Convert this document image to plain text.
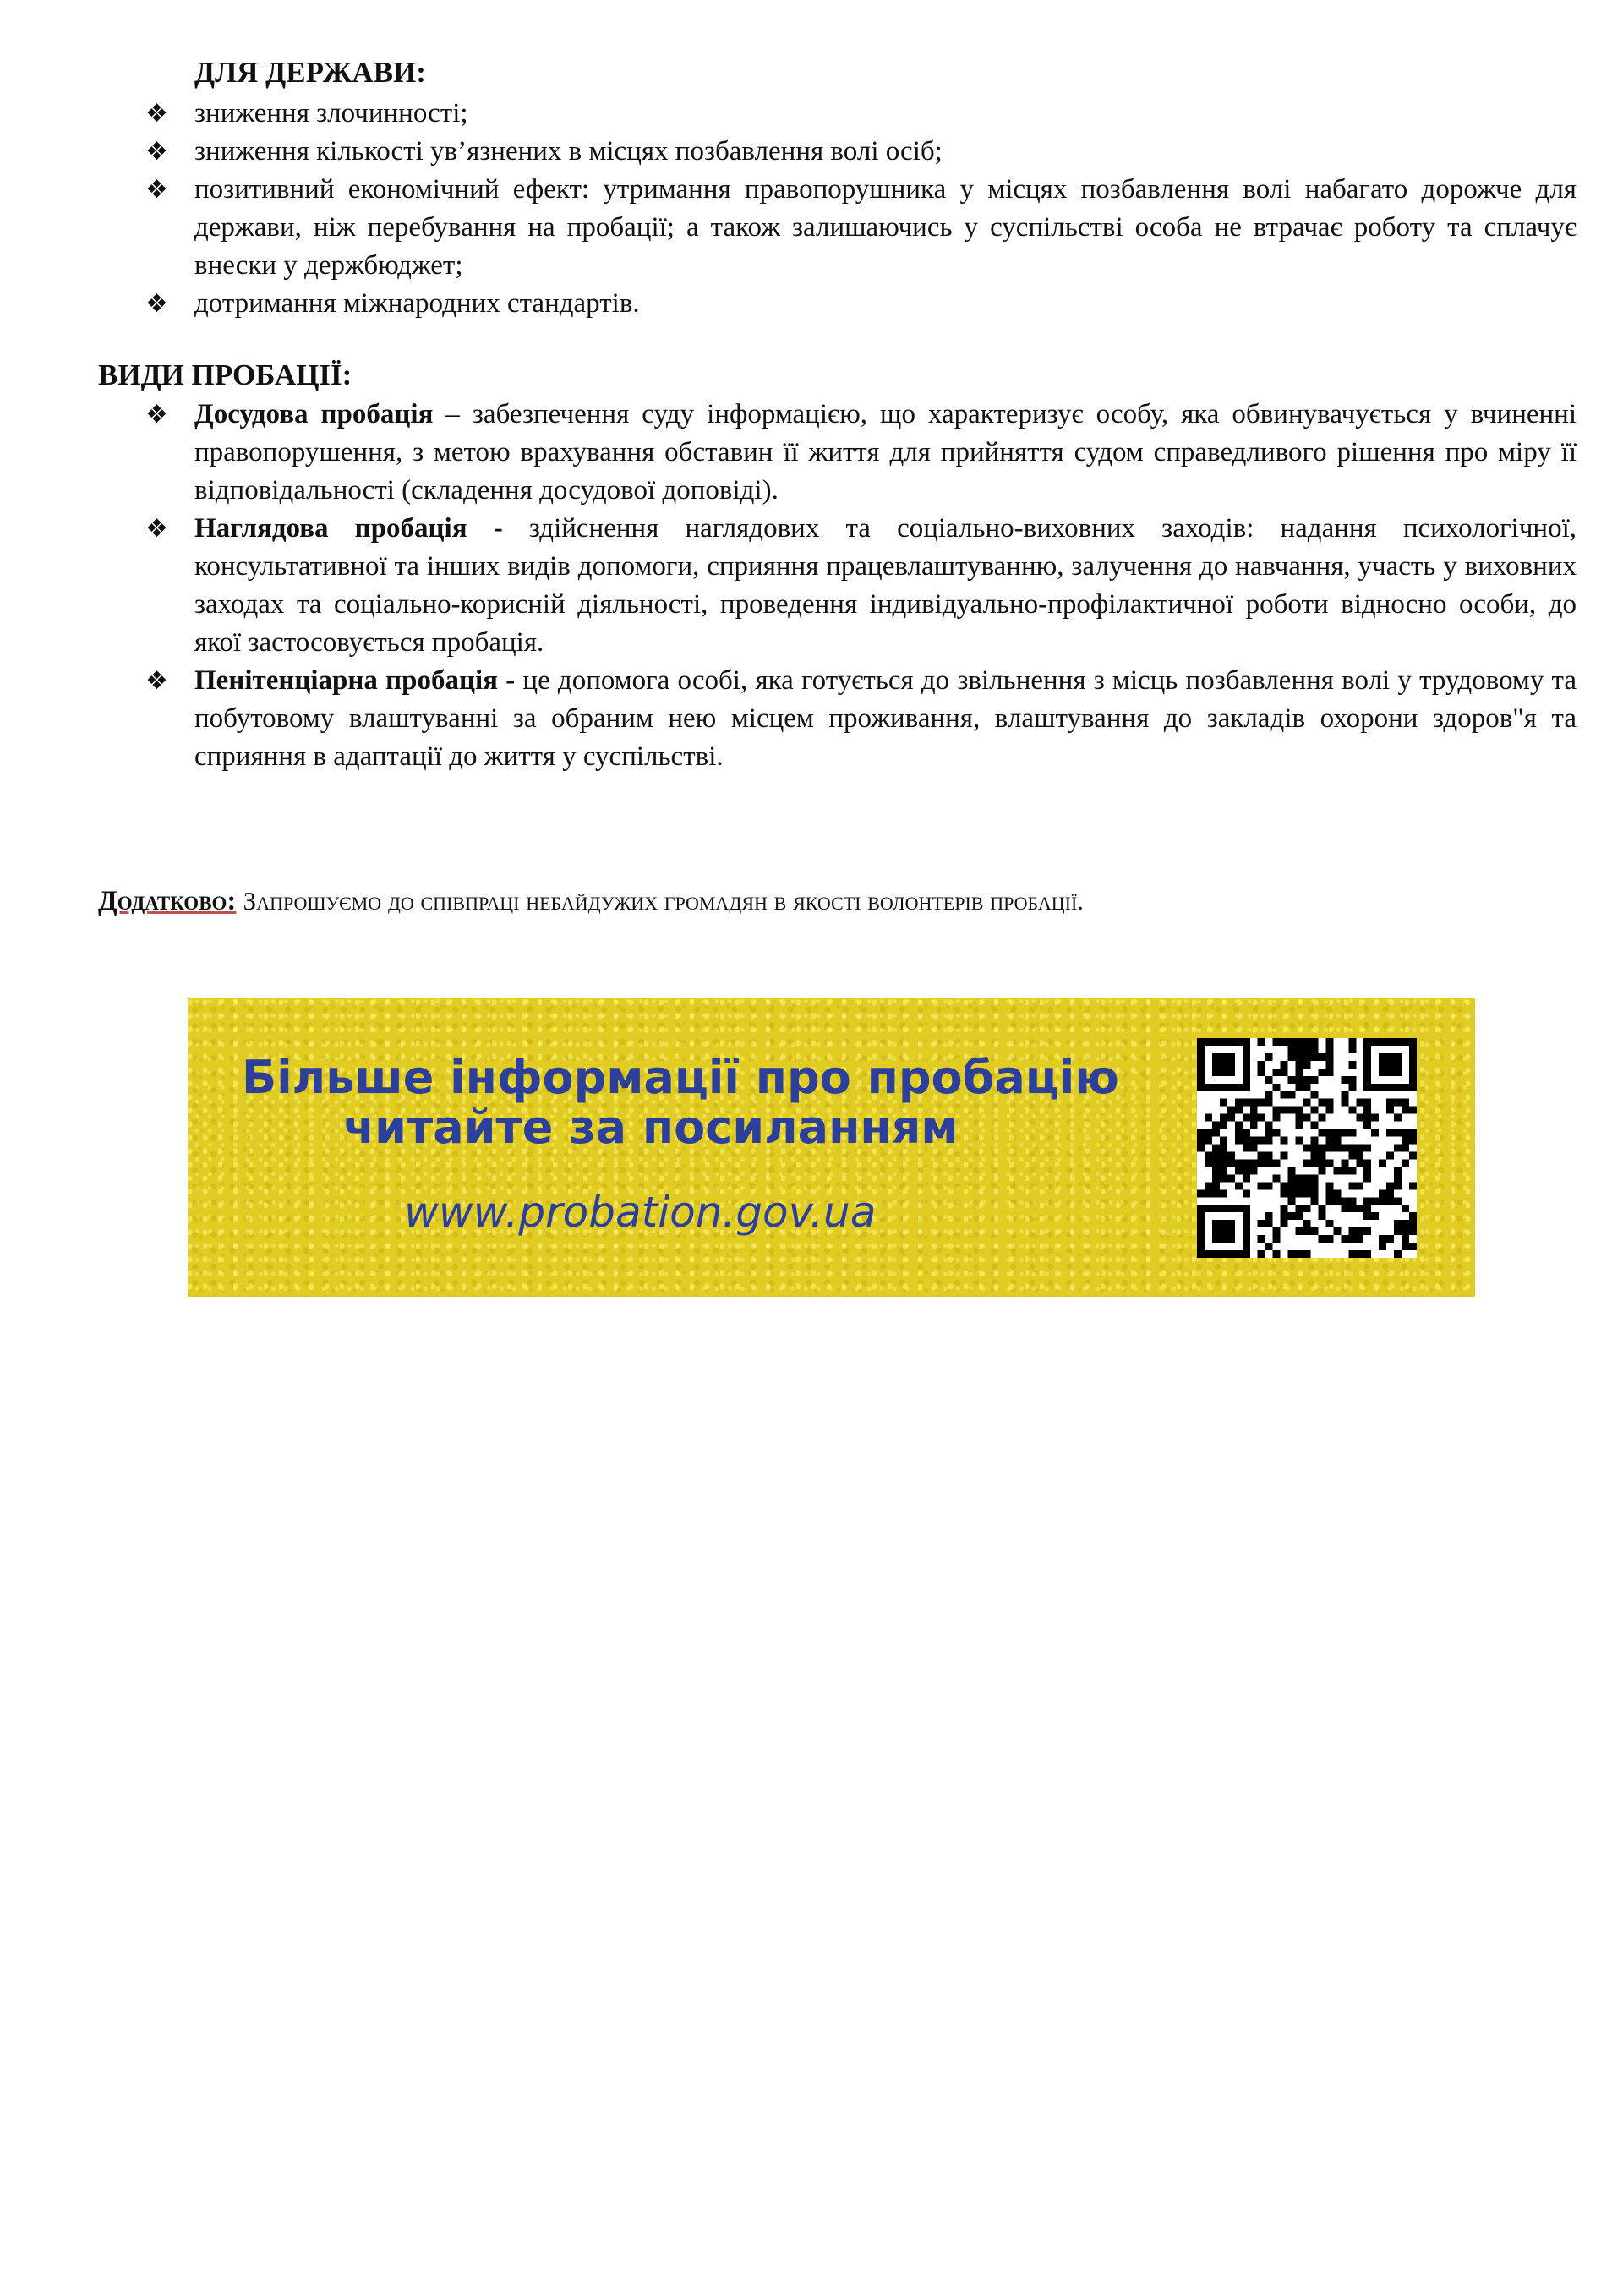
ДЛЯ ДЕРЖАВИ:
❖ зниження злочинності;
❖ зниження кількості ув’язнених в місцях позбавлення волі осіб;
❖ позитивний економічний ефект: утримання правопорушника у місцях позбавлення волі набагато дорожче для держави, ніж перебування на пробації; а також залишаючись у суспільстві особа не втрачає роботу та сплачує внески у держбюджет;
❖ дотримання міжнародних стандартів.
ВИДИ ПРОБАЦІЇ:
❖ Досудова пробація – забезпечення суду інформацією, що характеризує особу, яка обвинувачується у вчиненні правопорушення, з метою врахування обставин її життя для прийняття судом справедливого рішення про міру її відповідальності (складення досудової доповіді).
❖ Наглядова пробація - здійснення наглядових та соціально-виховних заходів: надання психологічної, консультативної та інших видів допомоги, сприяння працевлаштуванню, залучення до навчання, участь у виховних заходах та соціально-корисній діяльності, проведення індивідуально-профілактичної роботи відносно особи, до якої застосовується пробація.
❖ Пенітенціарна пробація - це допомога особі, яка готується до звільнення з місць позбавлення волі у трудовому та побутовому влаштуванні за обраним нею місцем проживання, влаштування до закладів охорони здоров"я та сприяння в адаптації до життя у суспільстві.

Додатково: Запрошуємо до співпраці небайдужих громадян в якості волонтерів пробації.

Більше інформації про пробацію
читайте за посиланням
www.probation.gov.ua
